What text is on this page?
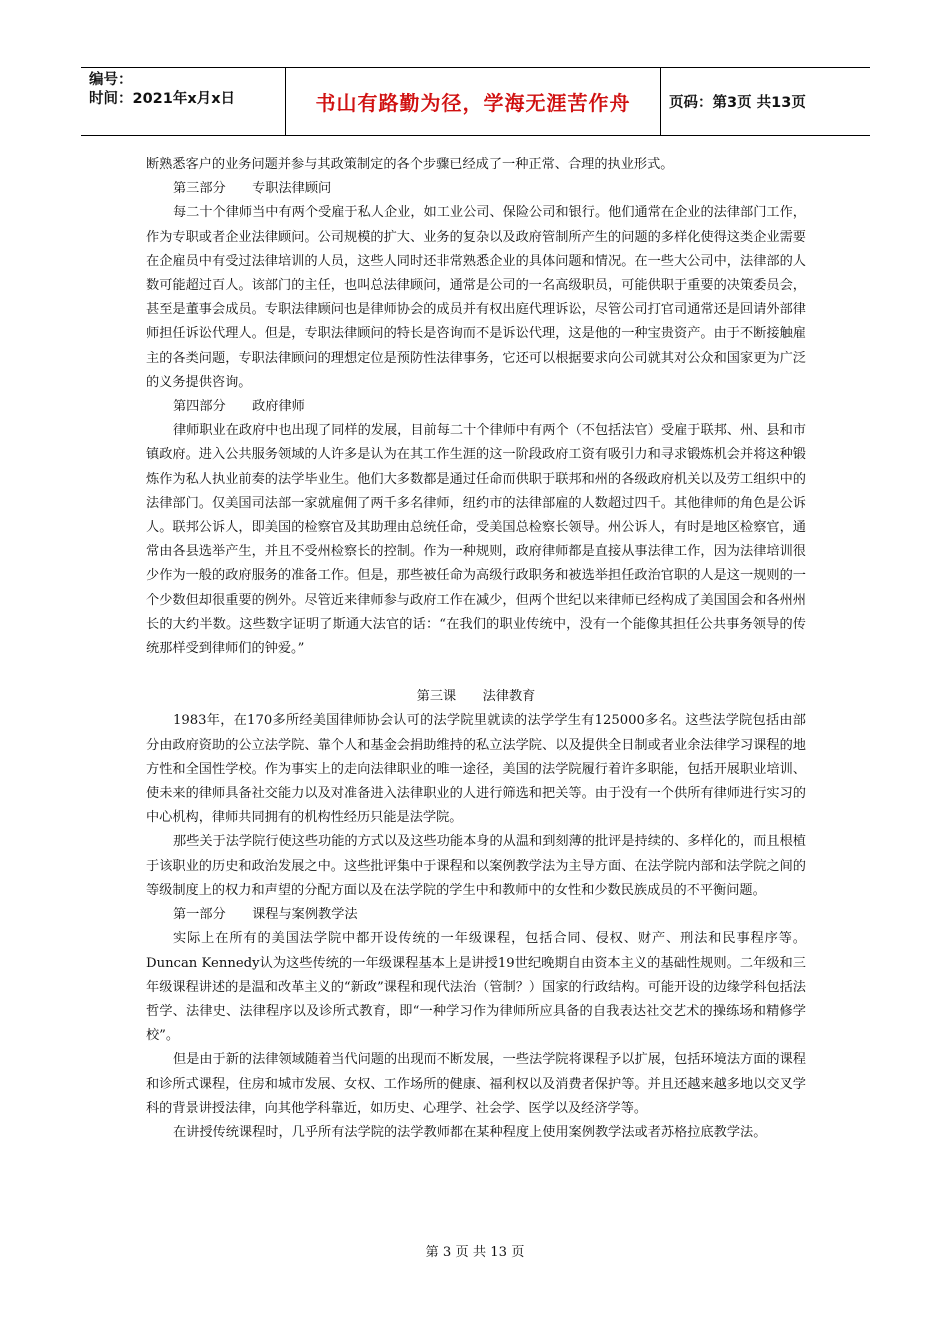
编号：
时间：2021年x月x日	书山有路勤为径，学海无涯苦作舟	页码：第3页 共13页

断熟悉客户的业务问题并参与其政策制定的各个步骤已经成了一种正常、合理的执业形式。

第三部分　　专职法律顾问

每二十个律师当中有两个受雇于私人企业，如工业公司、保险公司和银行。他们通常在企业的法律部门工作，作为专职或者企业法律顾问。公司规模的扩大、业务的复杂以及政府管制所产生的问题的多样化使得这类企业需要在企雇员中有受过法律培训的人员，这些人同时还非常熟悉企业的具体问题和情况。在一些大公司中，法律部的人数可能超过百人。该部门的主任，也叫总法律顾问，通常是公司的一名高级职员，可能供职于重要的决策委员会，甚至是董事会成员。专职法律顾问也是律师协会的成员并有权出庭代理诉讼，尽管公司打官司通常还是回请外部律师担任诉讼代理人。但是，专职法律顾问的特长是咨询而不是诉讼代理，这是他的一种宝贵资产。由于不断接触雇主的各类问题，专职法律顾问的理想定位是预防性法律事务，它还可以根据要求向公司就其对公众和国家更为广泛的义务提供咨询。

第四部分　　政府律师

律师职业在政府中也出现了同样的发展，目前每二十个律师中有两个（不包括法官）受雇于联邦、州、县和市镇政府。进入公共服务领域的人许多是认为在其工作生涯的这一阶段政府工资有吸引力和寻求锻炼机会并将这种锻炼作为私人执业前奏的法学毕业生。他们大多数都是通过任命而供职于联邦和州的各级政府机关以及劳工组织中的法律部门。仅美国司法部一家就雇佣了两千多名律师，纽约市的法律部雇的人数超过四千。其他律师的角色是公诉人。联邦公诉人，即美国的检察官及其助理由总统任命，受美国总检察长领导。州公诉人，有时是地区检察官，通常由各县选举产生，并且不受州检察长的控制。作为一种规则，政府律师都是直接从事法律工作，因为法律培训很少作为一般的政府服务的准备工作。但是，那些被任命为高级行政职务和被选举担任政治官职的人是这一规则的一个少数但却很重要的例外。尽管近来律师参与政府工作在减少，但两个世纪以来律师已经构成了美国国会和各州州长的大约半数。这些数字证明了斯通大法官的话：“在我们的职业传统中，没有一个能像其担任公共事务领导的传统那样受到律师们的钟爱。”

第三课　　法律教育

1983年，在170多所经美国律师协会认可的法学院里就读的法学学生有125000多名。这些法学院包括由部分由政府资助的公立法学院、靠个人和基金会捐助维持的私立法学院、以及提供全日制或者业余法律学习课程的地方性和全国性学校。作为事实上的走向法律职业的唯一途径，美国的法学院履行着许多职能，包括开展职业培训、使未来的律师具备社交能力以及对准备进入法律职业的人进行筛选和把关等。由于没有一个供所有律师进行实习的中心机构，律师共同拥有的机构性经历只能是法学院。

那些关于法学院行使这些功能的方式以及这些功能本身的从温和到刻薄的批评是持续的、多样化的，而且根植于该职业的历史和政治发展之中。这些批评集中于课程和以案例教学法为主导方面、在法学院内部和法学院之间的等级制度上的权力和声望的分配方面以及在法学院的学生中和教师中的女性和少数民族成员的不平衡问题。

第一部分　　课程与案例教学法

实际上在所有的美国法学院中都开设传统的一年级课程，包括合同、侵权、财产、刑法和民事程序等。Duncan Kennedy认为这些传统的一年级课程基本上是讲授19世纪晚期自由资本主义的基础性规则。二年级和三年级课程讲述的是温和改革主义的“新政”课程和现代法治（管制？）国家的行政结构。可能开设的边缘学科包括法哲学、法律史、法律程序以及诊所式教育，即“一种学习作为律师所应具备的自我表达社交艺术的操练场和精修学校”。

但是由于新的法律领域随着当代问题的出现而不断发展，一些法学院将课程予以扩展，包括环境法方面的课程和诊所式课程，住房和城市发展、女权、工作场所的健康、福利权以及消费者保护等。并且还越来越多地以交叉学科的背景讲授法律，向其他学科靠近，如历史、心理学、社会学、医学以及经济学等。

在讲授传统课程时，几乎所有法学院的法学教师都在某种程度上使用案例教学法或者苏格拉底教学法。

第 3 页 共 13 页
